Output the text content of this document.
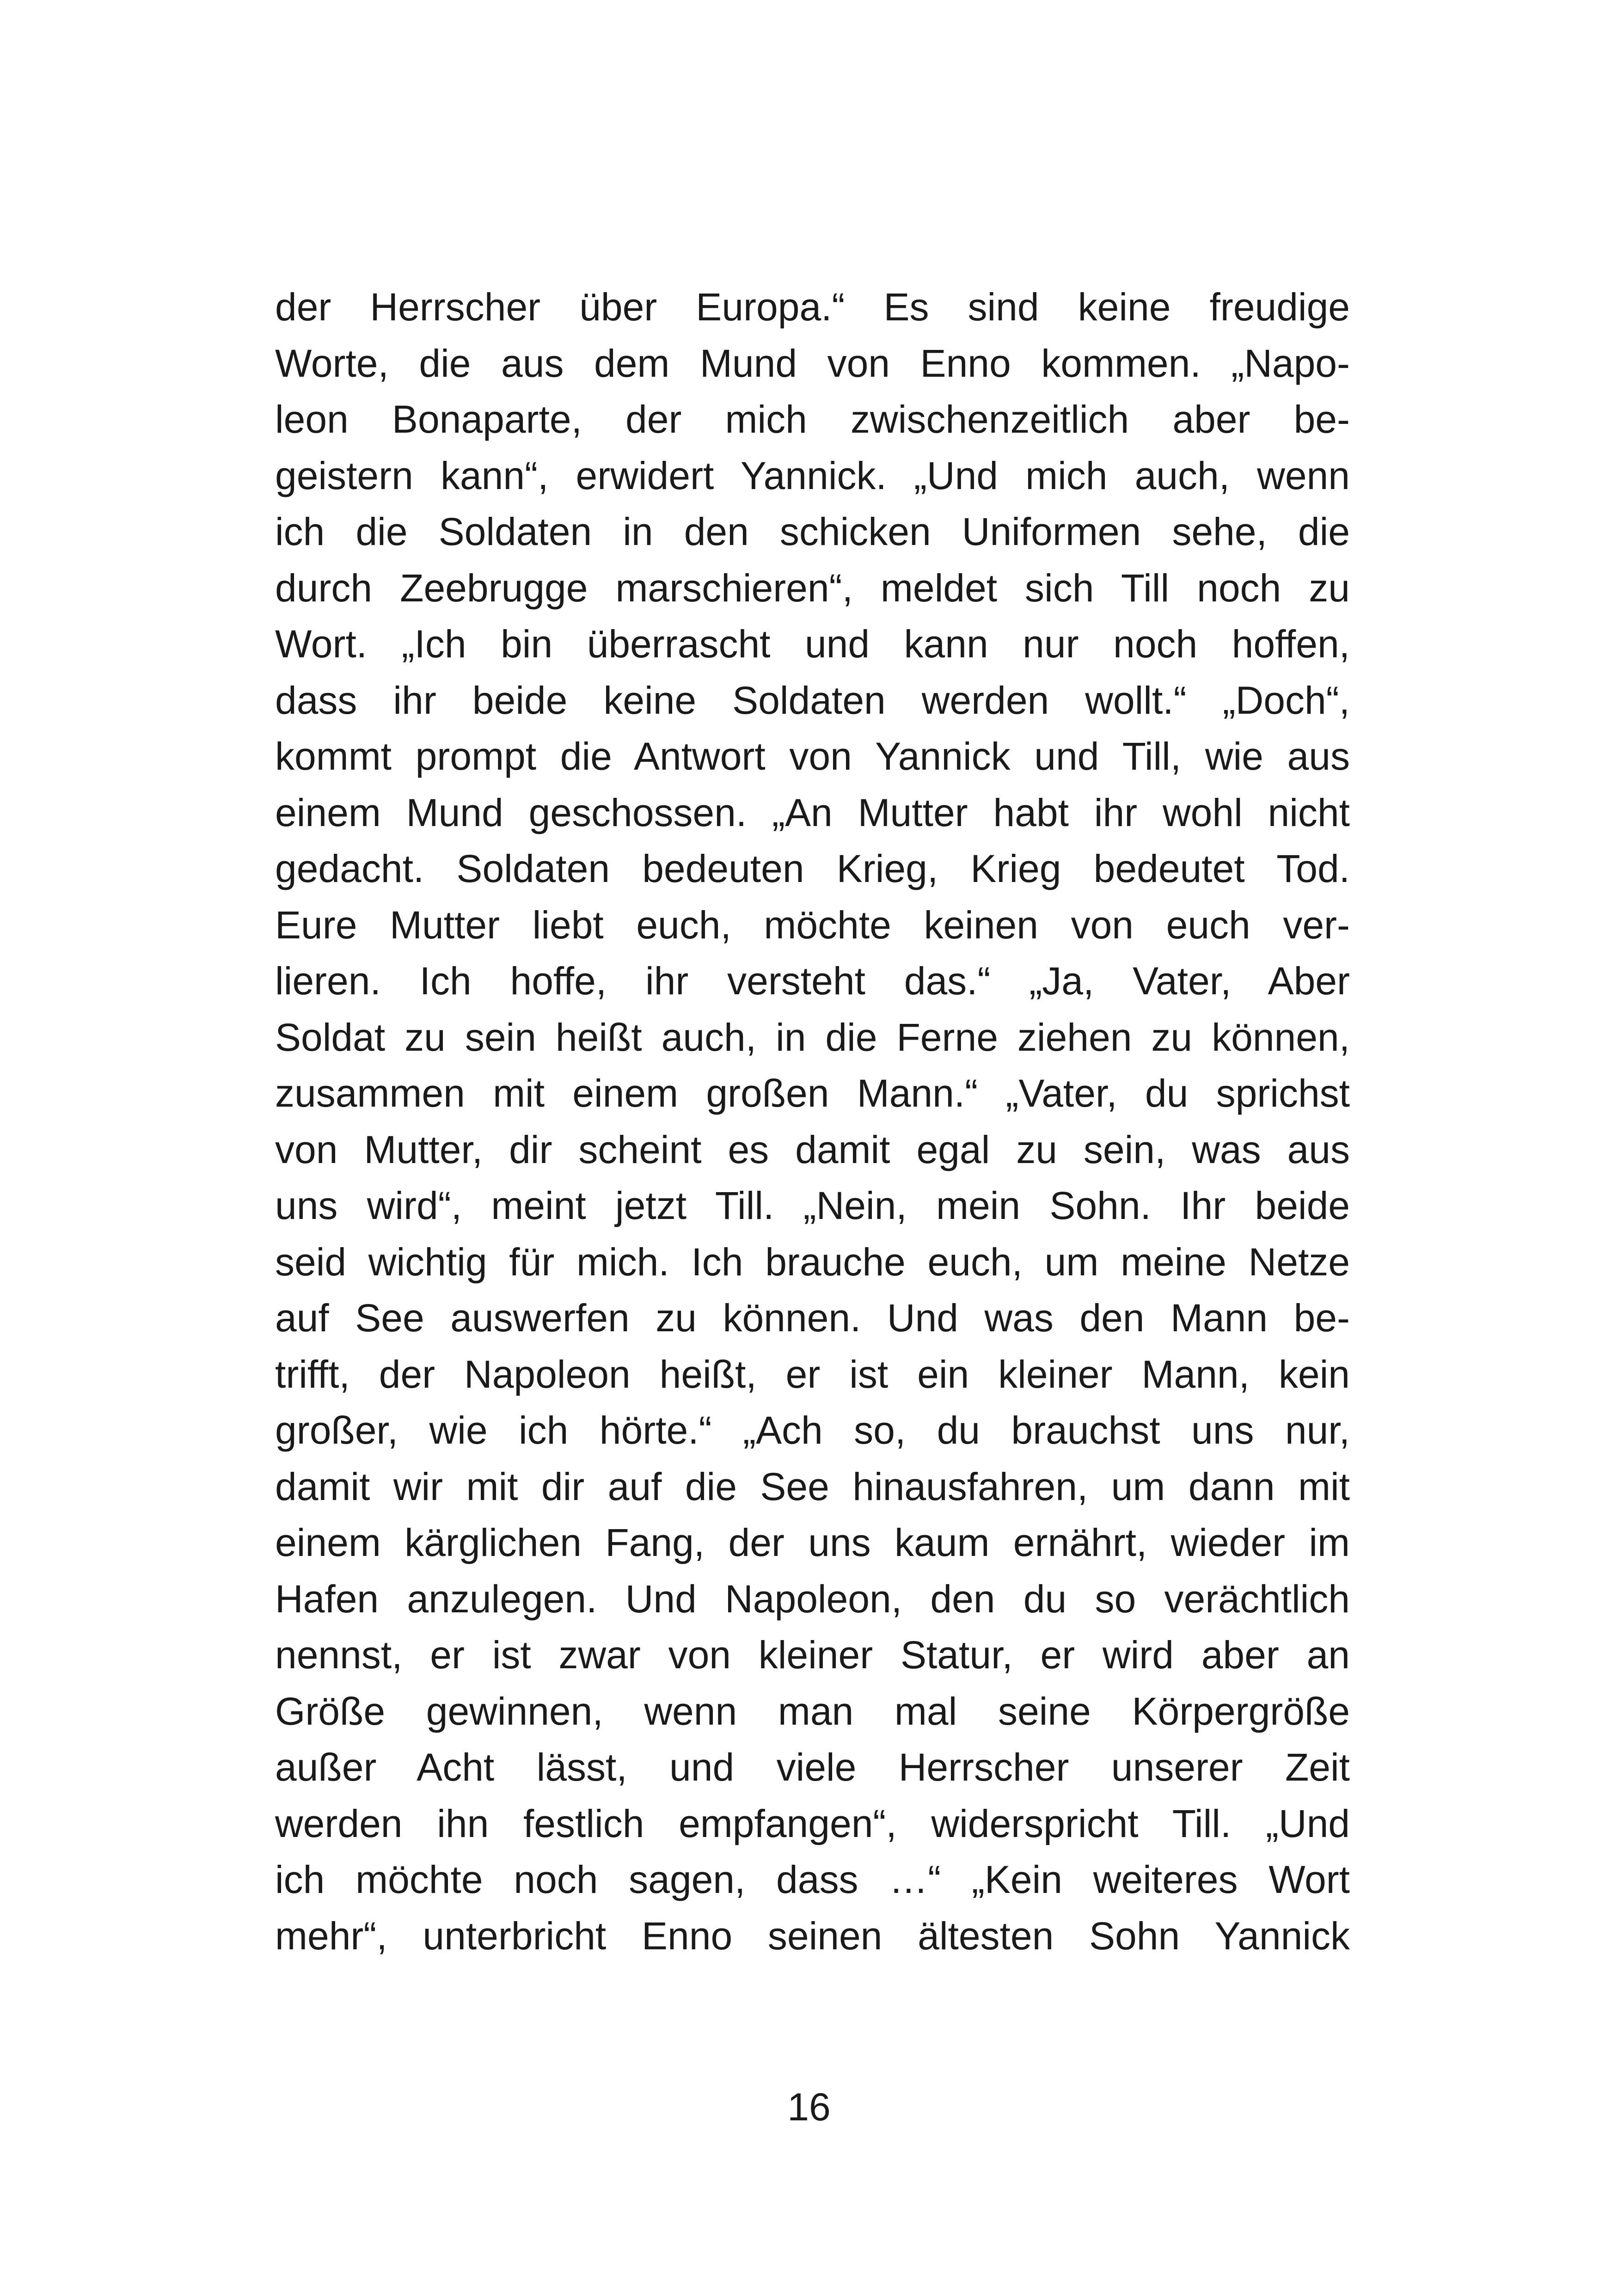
der Herrscher über Europa.“ Es sind keine freudige
Worte, die aus dem Mund von Enno kommen. „Napo-
leon Bonaparte, der mich zwischenzeitlich aber be-
geistern kann“, erwidert Yannick. „Und mich auch, wenn
ich die Soldaten in den schicken Uniformen sehe, die
durch Zeebrugge marschieren“, meldet sich Till noch zu
Wort. „Ich bin überrascht und kann nur noch hoffen,
dass ihr beide keine Soldaten werden wollt.“ „Doch“,
kommt prompt die Antwort von Yannick und Till, wie aus
einem Mund geschossen. „An Mutter habt ihr wohl nicht
gedacht. Soldaten bedeuten Krieg, Krieg bedeutet Tod.
Eure Mutter liebt euch, möchte keinen von euch ver-
lieren. Ich hoffe, ihr versteht das.“ „Ja, Vater, Aber
Soldat zu sein heißt auch, in die Ferne ziehen zu können,
zusammen mit einem großen Mann.“ „Vater, du sprichst
von Mutter, dir scheint es damit egal zu sein, was aus
uns wird“, meint jetzt Till. „Nein, mein Sohn. Ihr beide
seid wichtig für mich. Ich brauche euch, um meine Netze
auf See auswerfen zu können. Und was den Mann be-
trifft, der Napoleon heißt, er ist ein kleiner Mann, kein
großer, wie ich hörte.“ „Ach so, du brauchst uns nur,
damit wir mit dir auf die See hinausfahren, um dann mit
einem kärglichen Fang, der uns kaum ernährt, wieder im
Hafen anzulegen. Und Napoleon, den du so verächtlich
nennst, er ist zwar von kleiner Statur, er wird aber an
Größe gewinnen, wenn man mal seine Körpergröße
außer Acht lässt, und viele Herrscher unserer Zeit
werden ihn festlich empfangen“, widerspricht Till. „Und
ich möchte noch sagen, dass …“ „Kein weiteres Wort
mehr“, unterbricht Enno seinen ältesten Sohn Yannick
16
